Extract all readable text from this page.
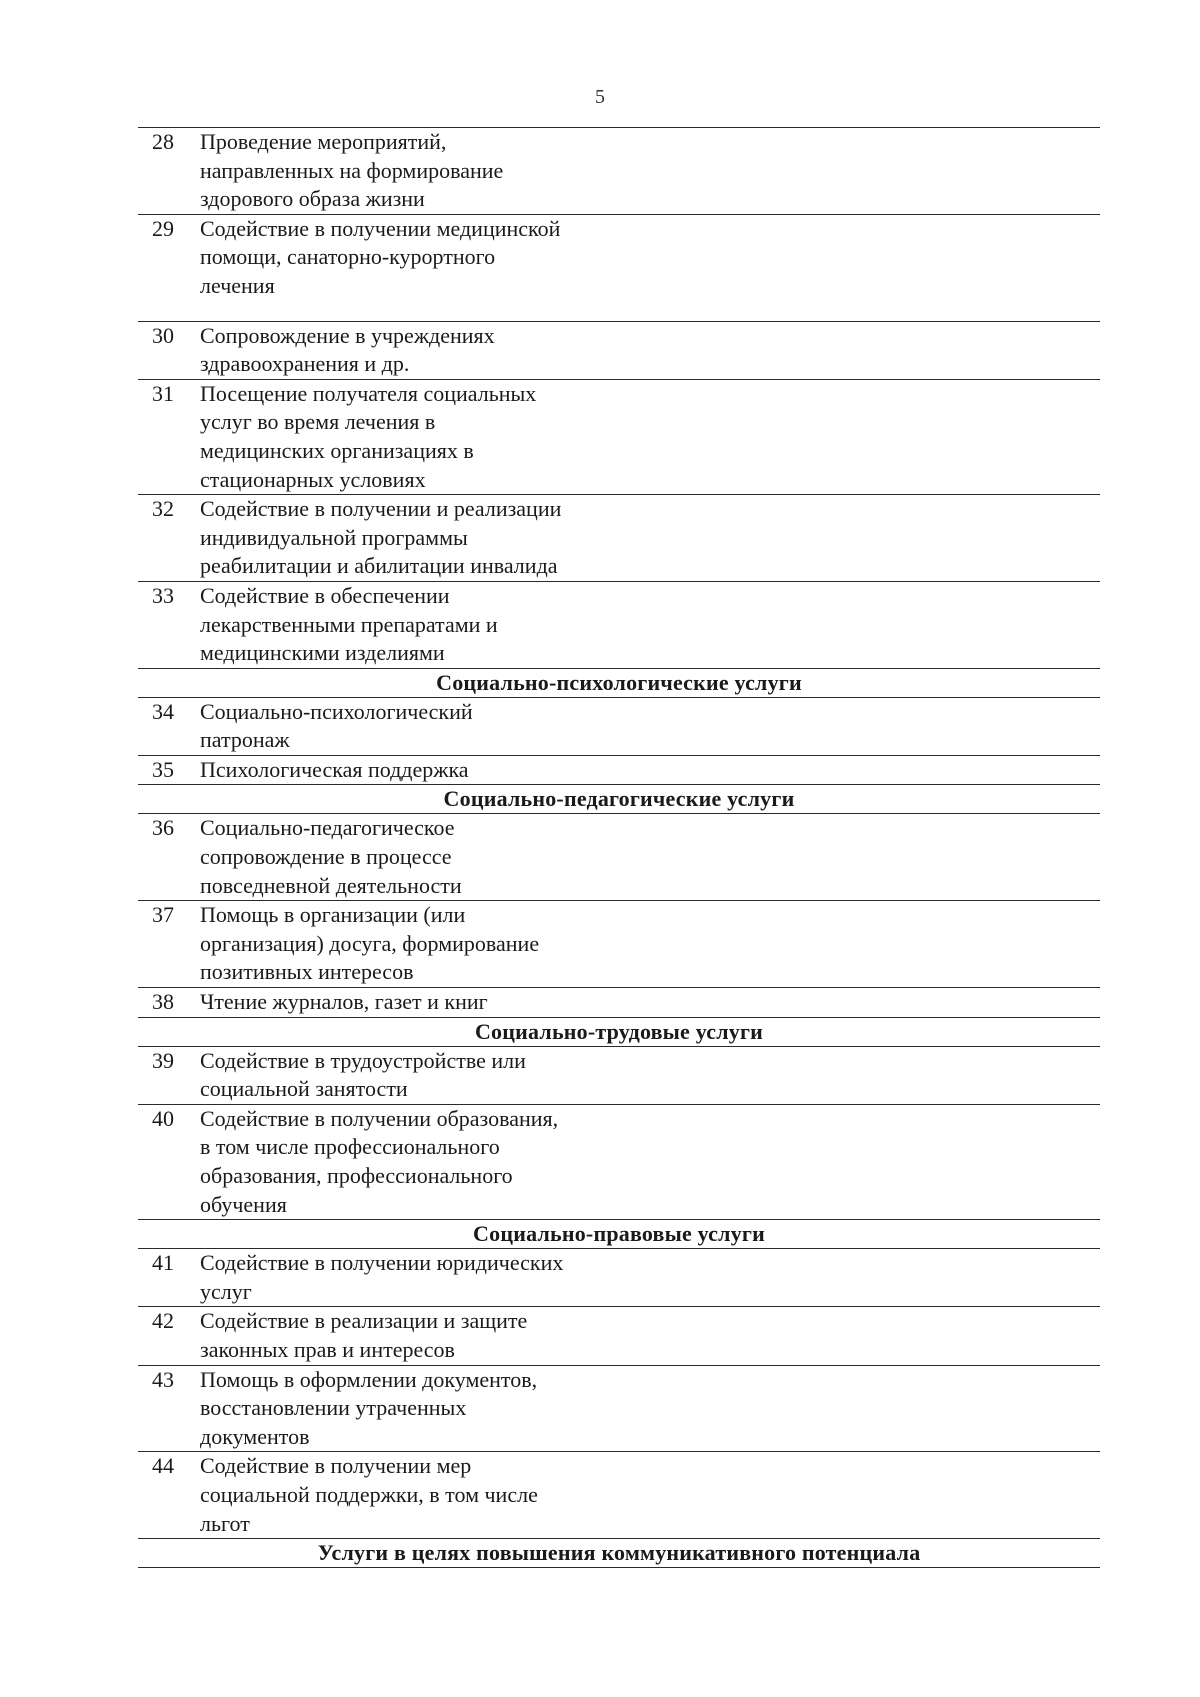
5
28	Проведение мероприятий,
направленных на формирование
здорового образа жизни
29	Содействие в получении медицинской
помощи, санаторно-курортного
лечения
30	Сопровождение в учреждениях
здравоохранения и др.
31	Посещение получателя социальных
услуг во время лечения в
медицинских организациях в
стационарных условиях
32	Содействие в получении и реализации
индивидуальной программы
реабилитации и абилитации инвалида
33	Содействие в обеспечении
лекарственными препаратами и
медицинскими изделиями
Социально-психологические услуги
34	Социально-психологический
патронаж
35	Психологическая поддержка
Социально-педагогические услуги
36	Социально-педагогическое
сопровождение в процессе
повседневной деятельности
37	Помощь в организации (или
организация) досуга, формирование
позитивных интересов
38	Чтение журналов, газет и книг
Социально-трудовые услуги
39	Содействие в трудоустройстве или
социальной занятости
40	Содействие в получении образования,
в том числе профессионального
образования, профессионального
обучения
Социально-правовые услуги
41	Содействие в получении юридических
услуг
42	Содействие в реализации и защите
законных прав и интересов
43	Помощь в оформлении документов,
восстановлении утраченных
документов
44	Содействие в получении мер
социальной поддержки, в том числе
льгот
Услуги в целях повышения коммуникативного потенциала
